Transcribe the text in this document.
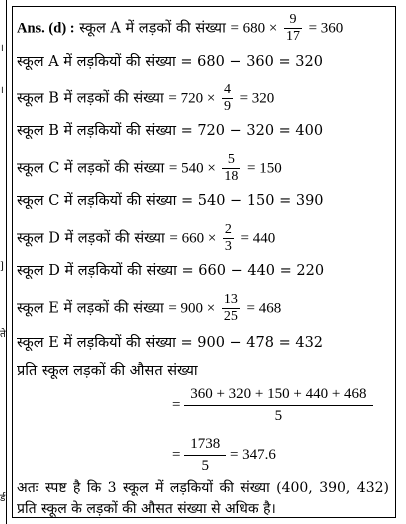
।
।
]
ते
र्ड
Ans. (d) : स्कूल A में लड़कों की संख्या = $680 \times \frac{9}{17} = 360$
स्कूल A में लड़कियों की संख्या = 680 − 360 = 320
स्कूल B में लड़कों की संख्या = $720 \times \frac{4}{9} = 320$
स्कूल B में लड़कियों की संख्या = 720 − 320 = 400
स्कूल C में लड़कों की संख्या = $540 \times \frac{5}{18} = 150$
स्कूल C में लड़कियों की संख्या = 540 − 150 = 390
स्कूल D में लड़कों की संख्या = $660 \times \frac{2}{3} = 440$
स्कूल D में लड़कियों की संख्या = 660 − 440 = 220
स्कूल E में लड़कों की संख्या = $900 \times \frac{13}{25} = 468$
स्कूल E में लड़कियों की संख्या = 900 − 478 = 432
प्रति स्कूल लड़कों की औसत संख्या
= $\frac{360 + 320 + 150 + 440 + 468}{5}$
= $\frac{1738}{5} = 347.6$
अतः स्पष्ट है कि 3 स्कूल में लड़कियों की संख्या (400, 390, 432) प्रति स्कूल के लड़कों की औसत संख्या से अधिक है।
